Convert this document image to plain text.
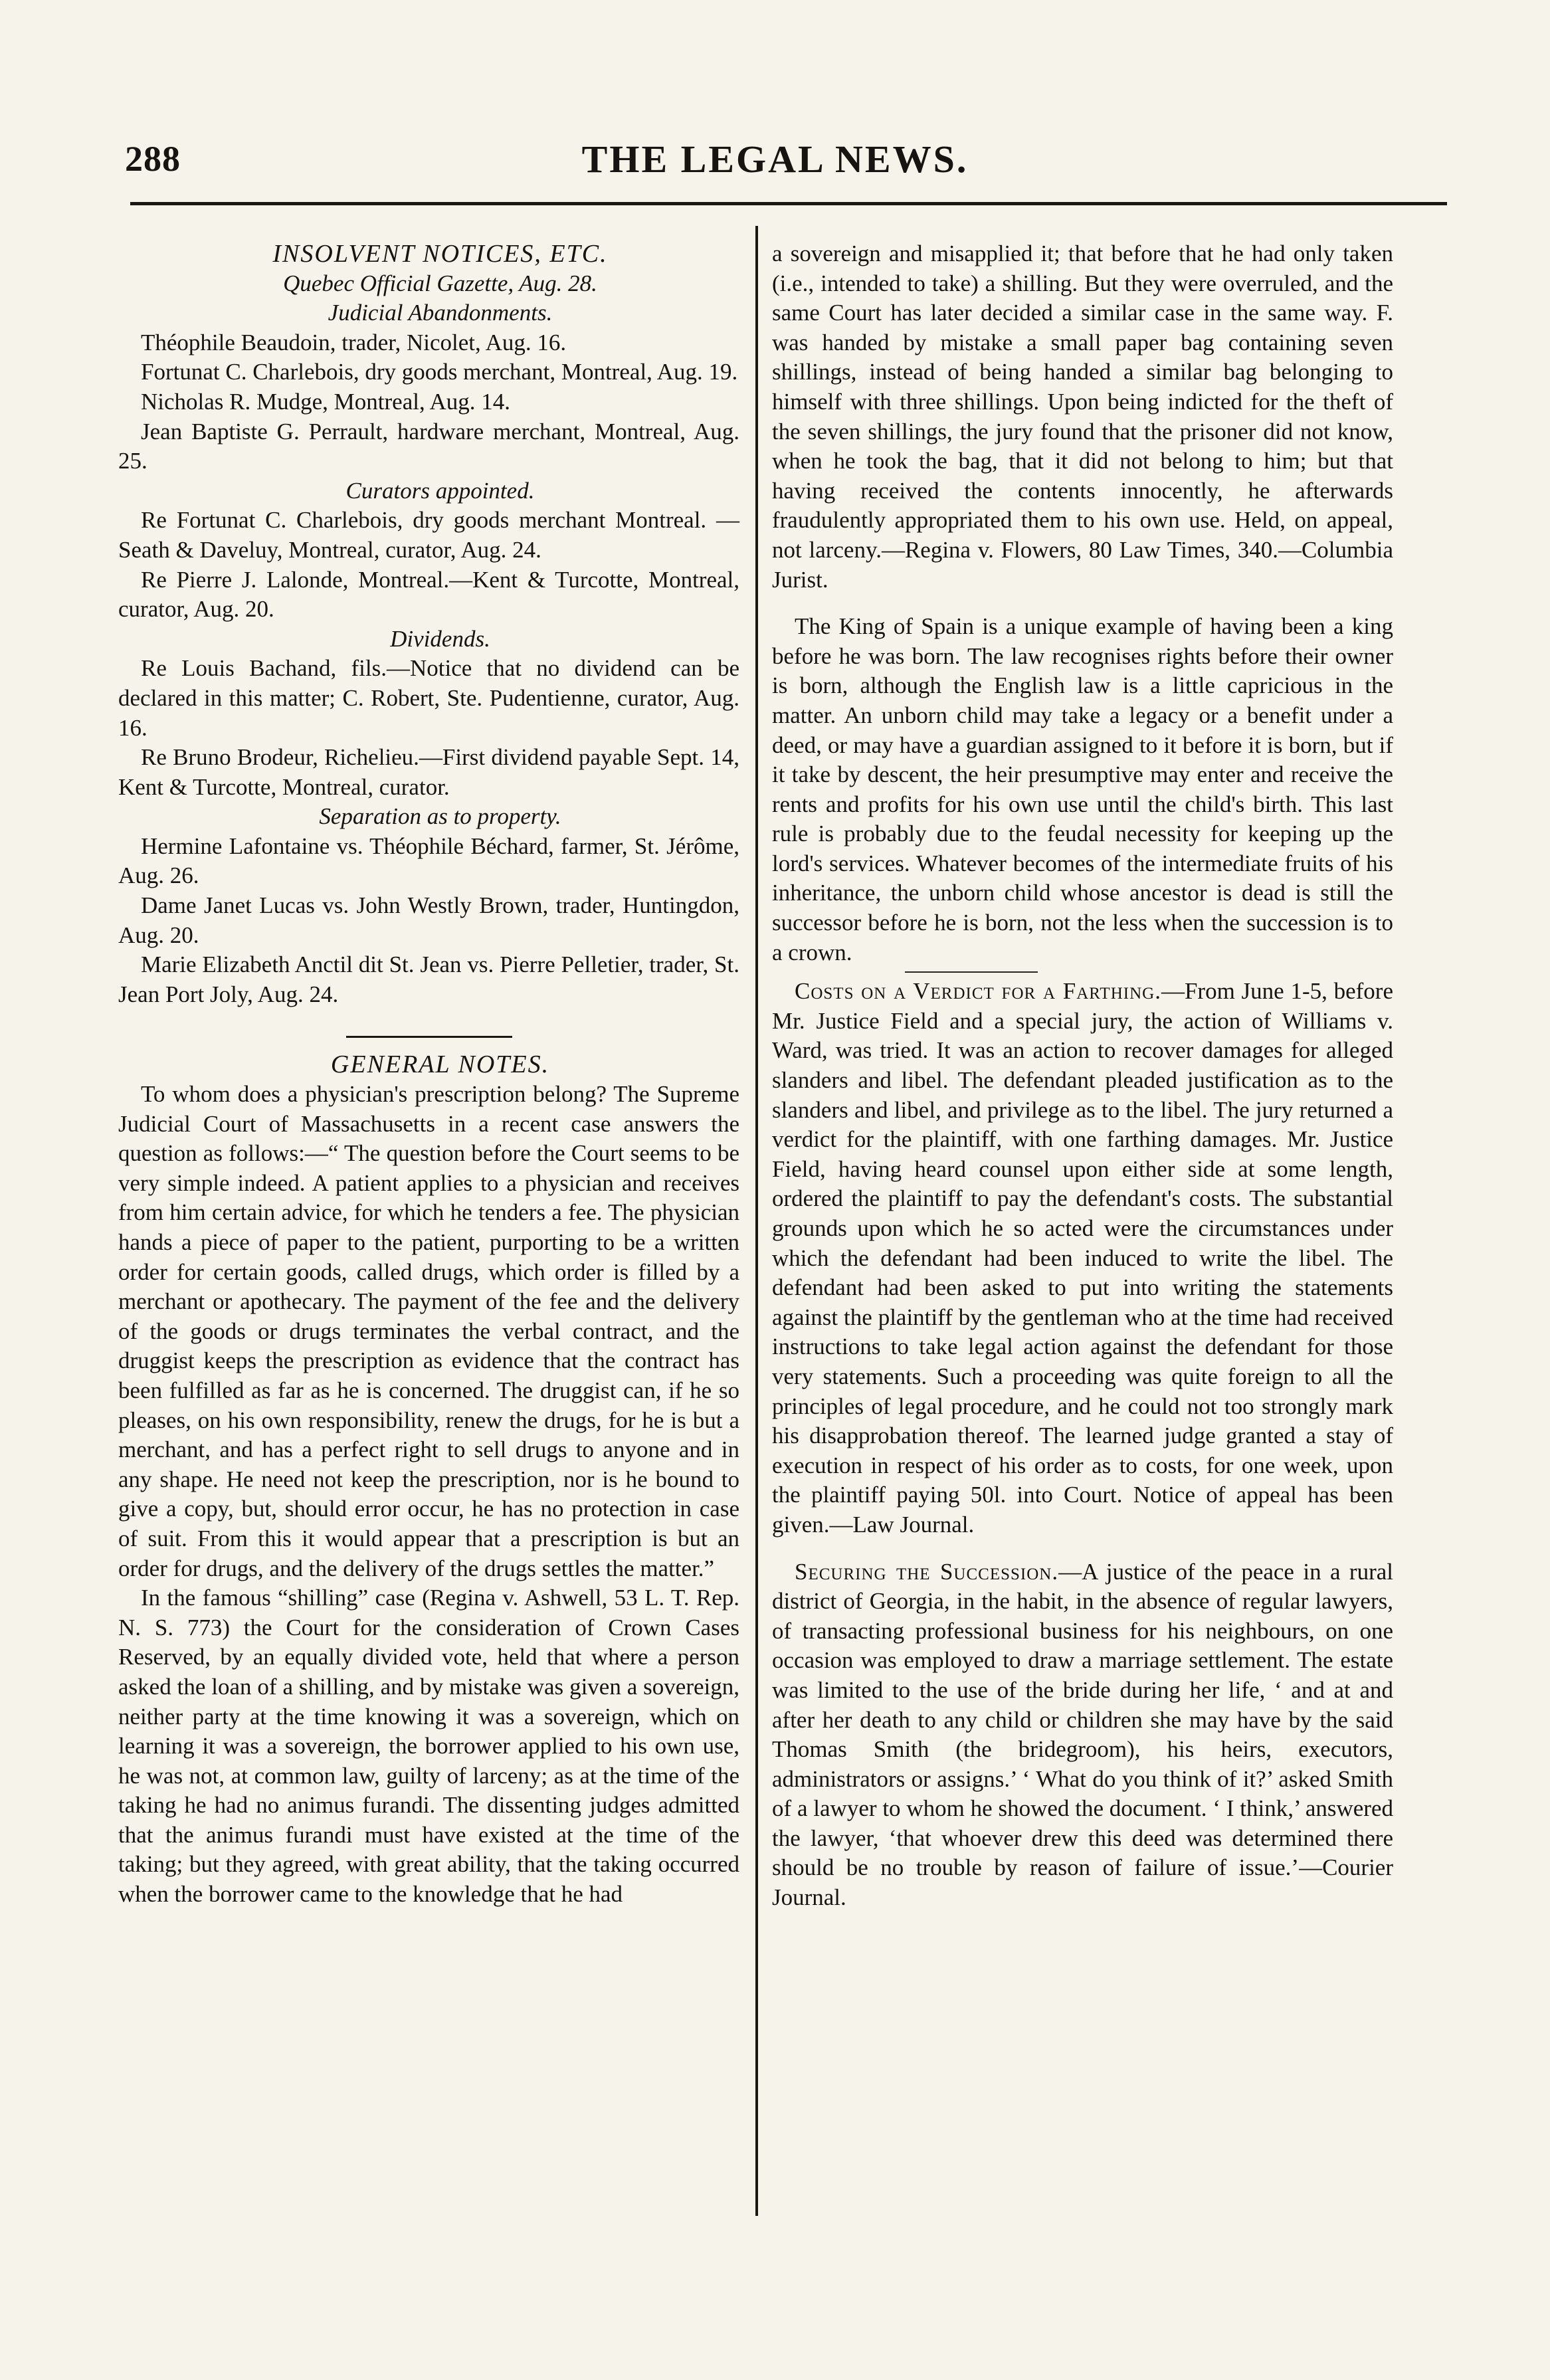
288	THE LEGAL NEWS.

INSOLVENT NOTICES, ETC.

Quebec Official Gazette, Aug. 28.

Judicial Abandonments.

Théophile Beaudoin, trader, Nicolet, Aug. 16.

Fortunat C. Charlebois, dry goods merchant, Montreal, Aug. 19.

Nicholas R. Mudge, Montreal, Aug. 14.

Jean Baptiste G. Perrault, hardware merchant, Montreal, Aug. 25.

Curators appointed.

Re Fortunat C. Charlebois, dry goods merchant Montreal. — Seath & Daveluy, Montreal, curator, Aug. 24.

Re Pierre J. Lalonde, Montreal.—Kent & Turcotte, Montreal, curator, Aug. 20.

Dividends.

Re Louis Bachand, fils.—Notice that no dividend can be declared in this matter; C. Robert, Ste. Pudentienne, curator, Aug. 16.

Re Bruno Brodeur, Richelieu.—First dividend payable Sept. 14, Kent & Turcotte, Montreal, curator.

Separation as to property.

Hermine Lafontaine vs. Théophile Béchard, farmer, St. Jérôme, Aug. 26.

Dame Janet Lucas vs. John Westly Brown, trader, Huntingdon, Aug. 20.

Marie Elizabeth Anctil dit St. Jean vs. Pierre Pelletier, trader, St. Jean Port Joly, Aug. 24.

GENERAL NOTES.

To whom does a physician's prescription belong? The Supreme Judicial Court of Massachusetts in a recent case answers the question as follows:—“ The question before the Court seems to be very simple indeed. A patient applies to a physician and receives from him certain advice, for which he tenders a fee. The physician hands a piece of paper to the patient, purporting to be a written order for certain goods, called drugs, which order is filled by a merchant or apothecary. The payment of the fee and the delivery of the goods or drugs terminates the verbal contract, and the druggist keeps the prescription as evidence that the contract has been fulfilled as far as he is concerned. The druggist can, if he so pleases, on his own responsibility, renew the drugs, for he is but a merchant, and has a perfect right to sell drugs to anyone and in any shape. He need not keep the prescription, nor is he bound to give a copy, but, should error occur, he has no protection in case of suit. From this it would appear that a prescription is but an order for drugs, and the delivery of the drugs settles the matter.”

In the famous “shilling” case (Regina v. Ashwell, 53 L. T. Rep. N. S. 773) the Court for the consideration of Crown Cases Reserved, by an equally divided vote, held that where a person asked the loan of a shilling, and by mistake was given a sovereign, neither party at the time knowing it was a sovereign, which on learning it was a sovereign, the borrower applied to his own use, he was not, at common law, guilty of larceny; as at the time of the taking he had no animus furandi. The dissenting judges admitted that the animus furandi must have existed at the time of the taking; but they agreed, with great ability, that the taking occurred when the borrower came to the knowledge that he had

a sovereign and misapplied it; that before that he had only taken (i.e., intended to take) a shilling. But they were overruled, and the same Court has later decided a similar case in the same way. F. was handed by mistake a small paper bag containing seven shillings, instead of being handed a similar bag belonging to himself with three shillings. Upon being indicted for the theft of the seven shillings, the jury found that the prisoner did not know, when he took the bag, that it did not belong to him; but that having received the contents innocently, he afterwards fraudulently appropriated them to his own use. Held, on appeal, not larceny.—Regina v. Flowers, 80 Law Times, 340.—Columbia Jurist.

The King of Spain is a unique example of having been a king before he was born. The law recognises rights before their owner is born, although the English law is a little capricious in the matter. An unborn child may take a legacy or a benefit under a deed, or may have a guardian assigned to it before it is born, but if it take by descent, the heir presumptive may enter and receive the rents and profits for his own use until the child's birth. This last rule is probably due to the feudal necessity for keeping up the lord's services. Whatever becomes of the intermediate fruits of his inheritance, the unborn child whose ancestor is dead is still the successor before he is born, not the less when the succession is to a crown.

Costs on a Verdict for a Farthing.—From June 1-5, before Mr. Justice Field and a special jury, the action of Williams v. Ward, was tried. It was an action to recover damages for alleged slanders and libel. The defendant pleaded justification as to the slanders and libel, and privilege as to the libel. The jury returned a verdict for the plaintiff, with one farthing damages. Mr. Justice Field, having heard counsel upon either side at some length, ordered the plaintiff to pay the defendant's costs. The substantial grounds upon which he so acted were the circumstances under which the defendant had been induced to write the libel. The defendant had been asked to put into writing the statements against the plaintiff by the gentleman who at the time had received instructions to take legal action against the defendant for those very statements. Such a proceeding was quite foreign to all the principles of legal procedure, and he could not too strongly mark his disapprobation thereof. The learned judge granted a stay of execution in respect of his order as to costs, for one week, upon the plaintiff paying 50l. into Court. Notice of appeal has been given.—Law Journal.

Securing the Succession.—A justice of the peace in a rural district of Georgia, in the habit, in the absence of regular lawyers, of transacting professional business for his neighbours, on one occasion was employed to draw a marriage settlement. The estate was limited to the use of the bride during her life, ‘ and at and after her death to any child or children she may have by the said Thomas Smith (the bridegroom), his heirs, executors, administrators or assigns.’ ‘ What do you think of it?’ asked Smith of a lawyer to whom he showed the document. ‘ I think,’ answered the lawyer, ‘that whoever drew this deed was determined there should be no trouble by reason of failure of issue.’—Courier Journal.
